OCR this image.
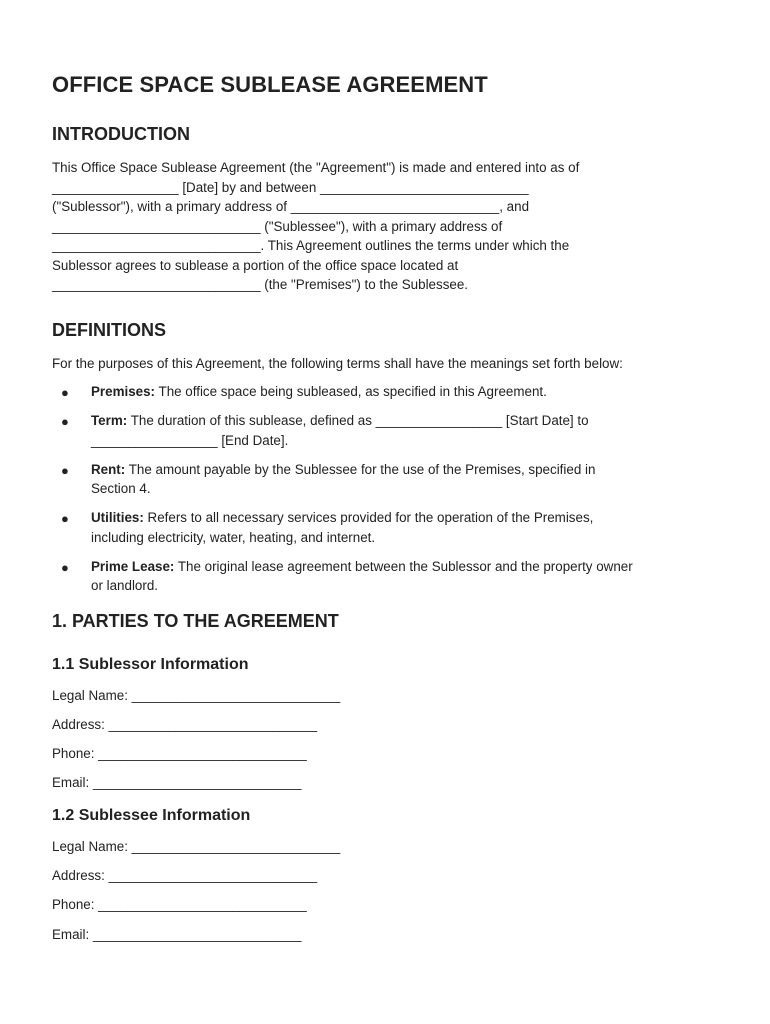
OFFICE SPACE SUBLEASE AGREEMENT
INTRODUCTION

This Office Space Sublease Agreement (the "Agreement") is made and entered into as of

_________________ [Date] by and between ____________________________

("Sublessor"), with a primary address of ____________________________, and

____________________________ ("Sublessee"), with a primary address of

____________________________. This Agreement outlines the terms under which the

Sublessor agrees to sublease a portion of the office space located at

____________________________ (the "Premises") to the Sublessee.

DEFINITIONS

For the purposes of this Agreement, the following terms shall have the meanings set forth below:

● Premises: The office space being subleased, as specified in this Agreement.
● Term: The duration of this sublease, defined as _________________ [Start Date] to
_________________ [End Date].
● Rent: The amount payable by the Sublessee for the use of the Premises, specified in
Section 4.
● Utilities: Refers to all necessary services provided for the operation of the Premises,
including electricity, water, heating, and internet.
● Prime Lease: The original lease agreement between the Sublessor and the property owner
or landlord.
1. PARTIES TO THE AGREEMENT
1.1 Sublessor Information
Legal Name: ____________________________
Address: ____________________________
Phone: ____________________________
Email: ____________________________
1.2 Sublessee Information
Legal Name: ____________________________
Address: ____________________________
Phone: ____________________________
Email: ____________________________
